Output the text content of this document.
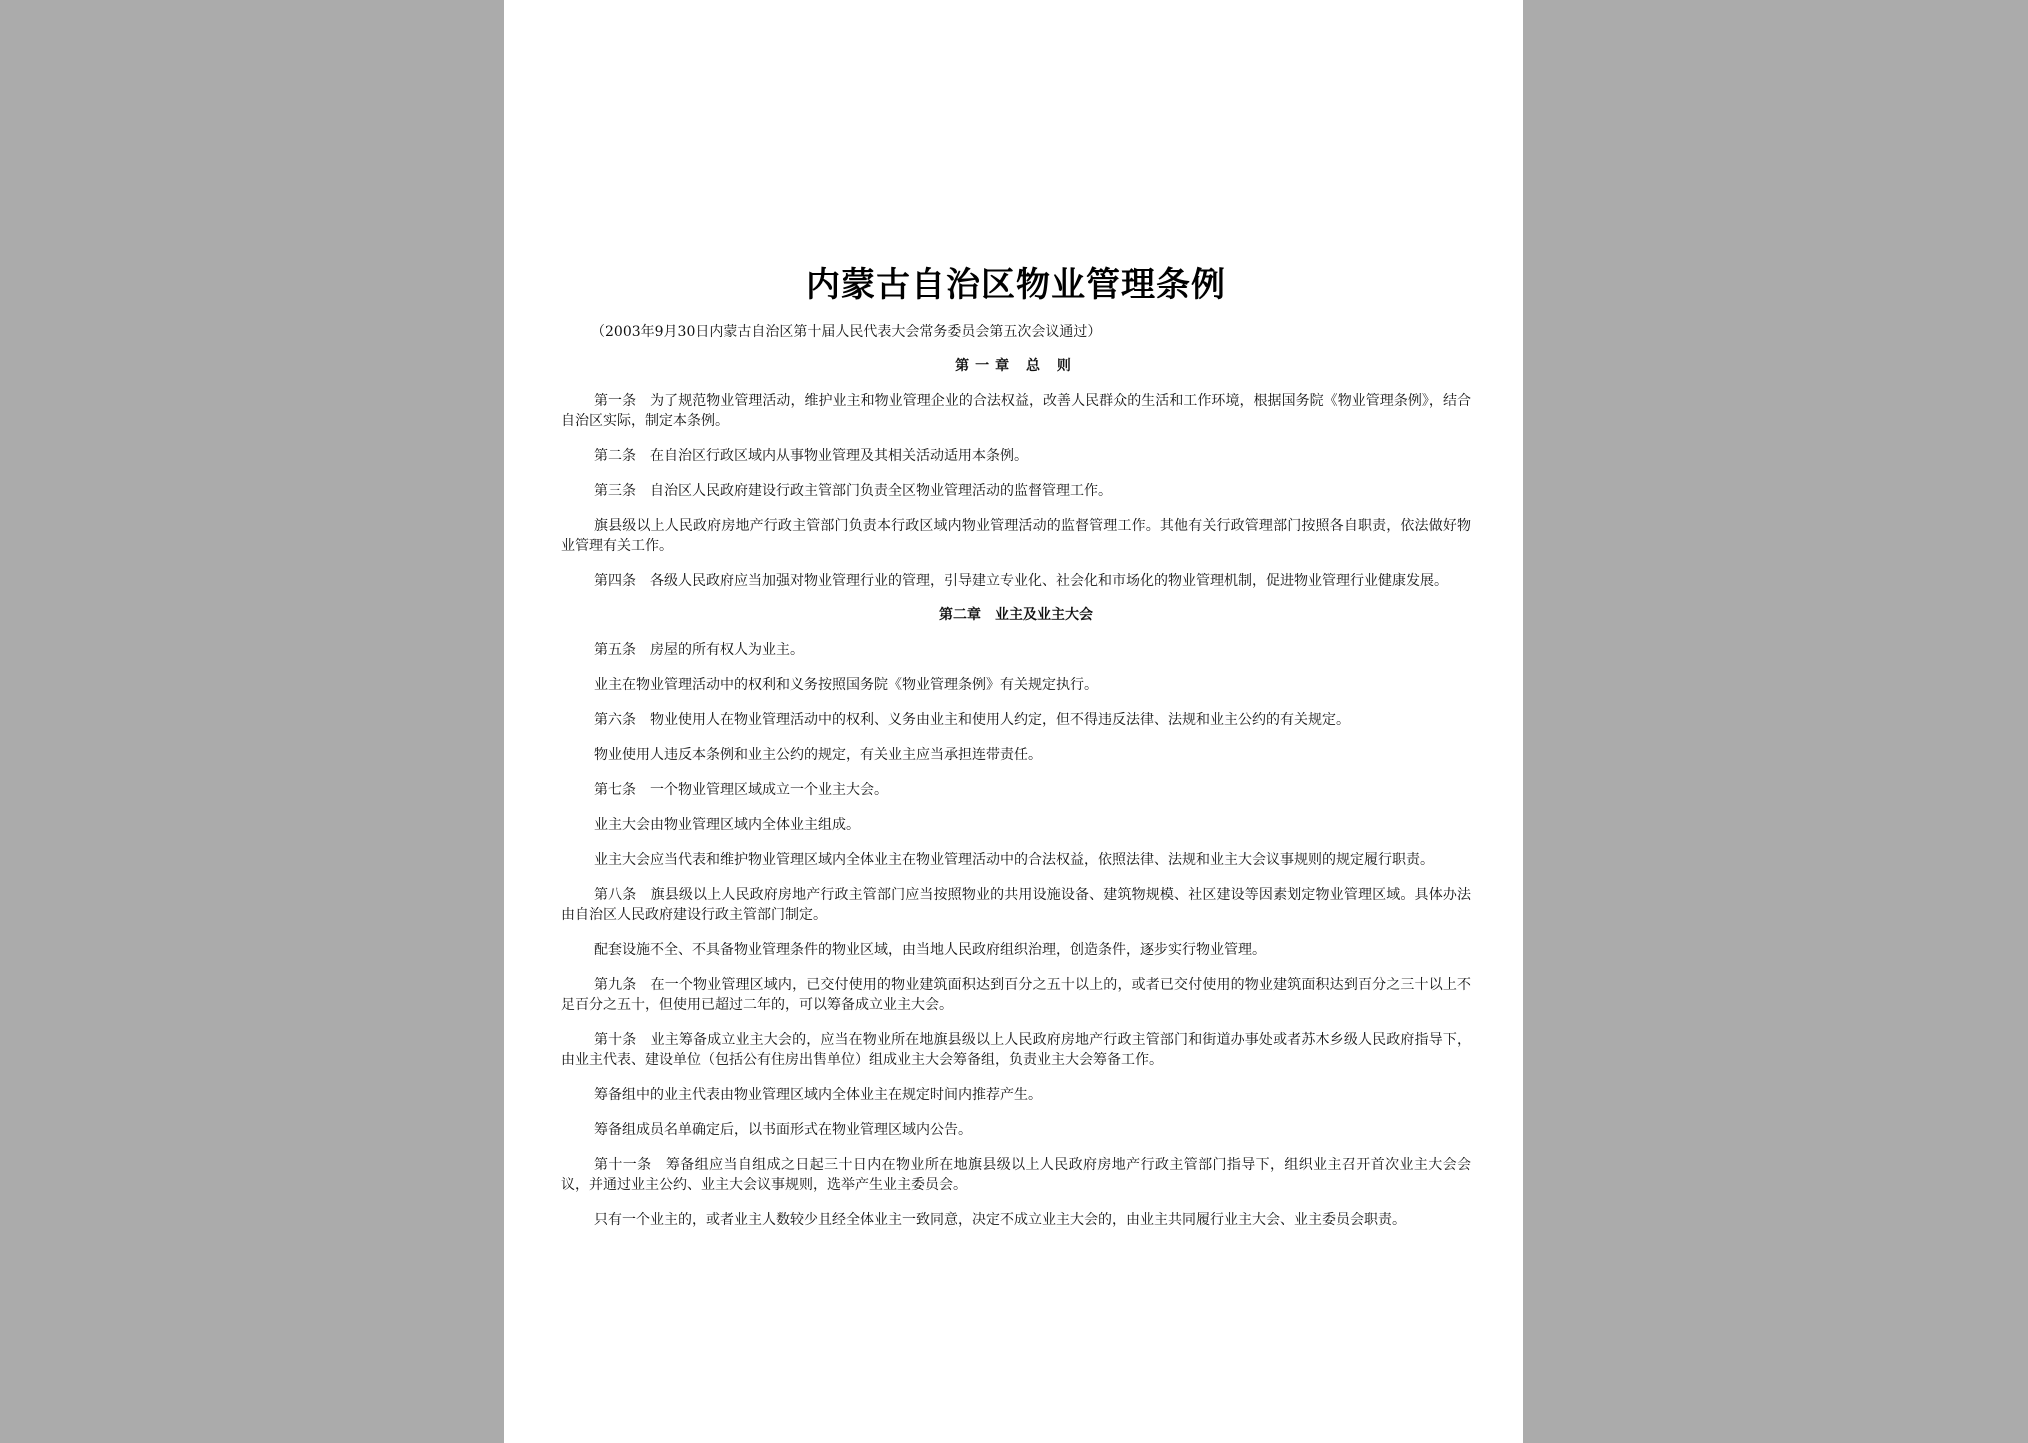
内蒙古自治区物业管理条例

（2003年9月30日内蒙古自治区第十届人民代表大会常务委员会第五次会议通过）

第一章 总 则

第一条　为了规范物业管理活动，维护业主和物业管理企业的合法权益，改善人民群众的生活和工作环境，根据国务院《物业管理条例》，结合自治区实际，制定本条例。

第二条　在自治区行政区域内从事物业管理及其相关活动适用本条例。

第三条　自治区人民政府建设行政主管部门负责全区物业管理活动的监督管理工作。

旗县级以上人民政府房地产行政主管部门负责本行政区域内物业管理活动的监督管理工作。其他有关行政管理部门按照各自职责，依法做好物业管理有关工作。

第四条　各级人民政府应当加强对物业管理行业的管理，引导建立专业化、社会化和市场化的物业管理机制，促进物业管理行业健康发展。

第二章　业主及业主大会

第五条　房屋的所有权人为业主。

业主在物业管理活动中的权利和义务按照国务院《物业管理条例》有关规定执行。

第六条　物业使用人在物业管理活动中的权利、义务由业主和使用人约定，但不得违反法律、法规和业主公约的有关规定。

物业使用人违反本条例和业主公约的规定，有关业主应当承担连带责任。

第七条　一个物业管理区域成立一个业主大会。

业主大会由物业管理区域内全体业主组成。

业主大会应当代表和维护物业管理区域内全体业主在物业管理活动中的合法权益，依照法律、法规和业主大会议事规则的规定履行职责。

第八条　旗县级以上人民政府房地产行政主管部门应当按照物业的共用设施设备、建筑物规模、社区建设等因素划定物业管理区域。具体办法由自治区人民政府建设行政主管部门制定。

配套设施不全、不具备物业管理条件的物业区域，由当地人民政府组织治理，创造条件，逐步实行物业管理。

第九条　在一个物业管理区域内，已交付使用的物业建筑面积达到百分之五十以上的，或者已交付使用的物业建筑面积达到百分之三十以上不足百分之五十，但使用已超过二年的，可以筹备成立业主大会。

第十条　业主筹备成立业主大会的，应当在物业所在地旗县级以上人民政府房地产行政主管部门和街道办事处或者苏木乡级人民政府指导下，由业主代表、建设单位（包括公有住房出售单位）组成业主大会筹备组，负责业主大会筹备工作。

筹备组中的业主代表由物业管理区域内全体业主在规定时间内推荐产生。

筹备组成员名单确定后，以书面形式在物业管理区域内公告。

第十一条　筹备组应当自组成之日起三十日内在物业所在地旗县级以上人民政府房地产行政主管部门指导下，组织业主召开首次业主大会会议，并通过业主公约、业主大会议事规则，选举产生业主委员会。

只有一个业主的，或者业主人数较少且经全体业主一致同意，决定不成立业主大会的，由业主共同履行业主大会、业主委员会职责。
